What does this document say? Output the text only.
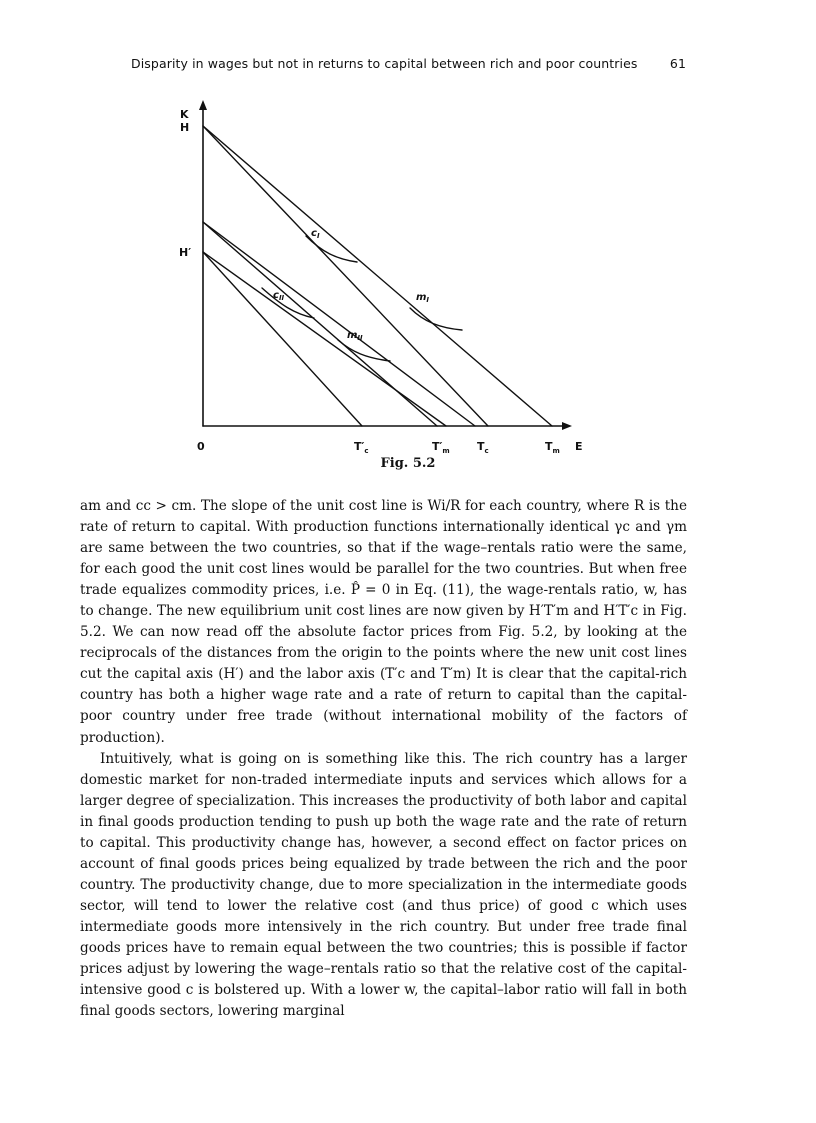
Disparity in wages but not in returns to capital between rich and poor countries	61
K
H
H′
0	E
$T'_c$	$T'_m$ $T_c$	$T_m$
$c_I$
$m_I$
$c_{II}$
$m_{II}$
Fig. 5.2

am and cc > cm. The slope of the unit cost line is Wi/R for each country, where R is the rate of return to capital. With production functions internationally identical γc and γm are same between the two countries, so that if the wage–rentals ratio were the same, for each good the unit cost lines would be parallel for the two countries. But when free trade equalizes commodity prices, i.e. P̂ = 0 in Eq. (11), the wage-rentals ratio, w, has to change. The new equilibrium unit cost lines are now given by H′T′m and H′T′c in Fig. 5.2. We can now read off the absolute factor prices from Fig. 5.2, by looking at the reciprocals of the distances from the origin to the points where the new unit cost lines cut the capital axis (H′) and the labor axis (T′c and T′m) It is clear that the capital-rich country has both a higher wage rate and a rate of return to capital than the capital-poor country under free trade (without international mobility of the factors of production).

Intuitively, what is going on is something like this. The rich country has a larger domestic market for non-traded intermediate inputs and services which allows for a larger degree of specialization. This increases the productivity of both labor and capital in final goods production tending to push up both the wage rate and the rate of return to capital. This productivity change has, however, a second effect on factor prices on account of final goods prices being equalized by trade between the rich and the poor country. The productivity change, due to more specialization in the intermediate goods sector, will tend to lower the relative cost (and thus price) of good c which uses intermediate goods more intensively in the rich country. But under free trade final goods prices have to remain equal between the two countries; this is possible if factor prices adjust by lowering the wage–rentals ratio so that the relative cost of the capital-intensive good c is bolstered up. With a lower w, the capital–labor ratio will fall in both final goods sectors, lowering marginal
